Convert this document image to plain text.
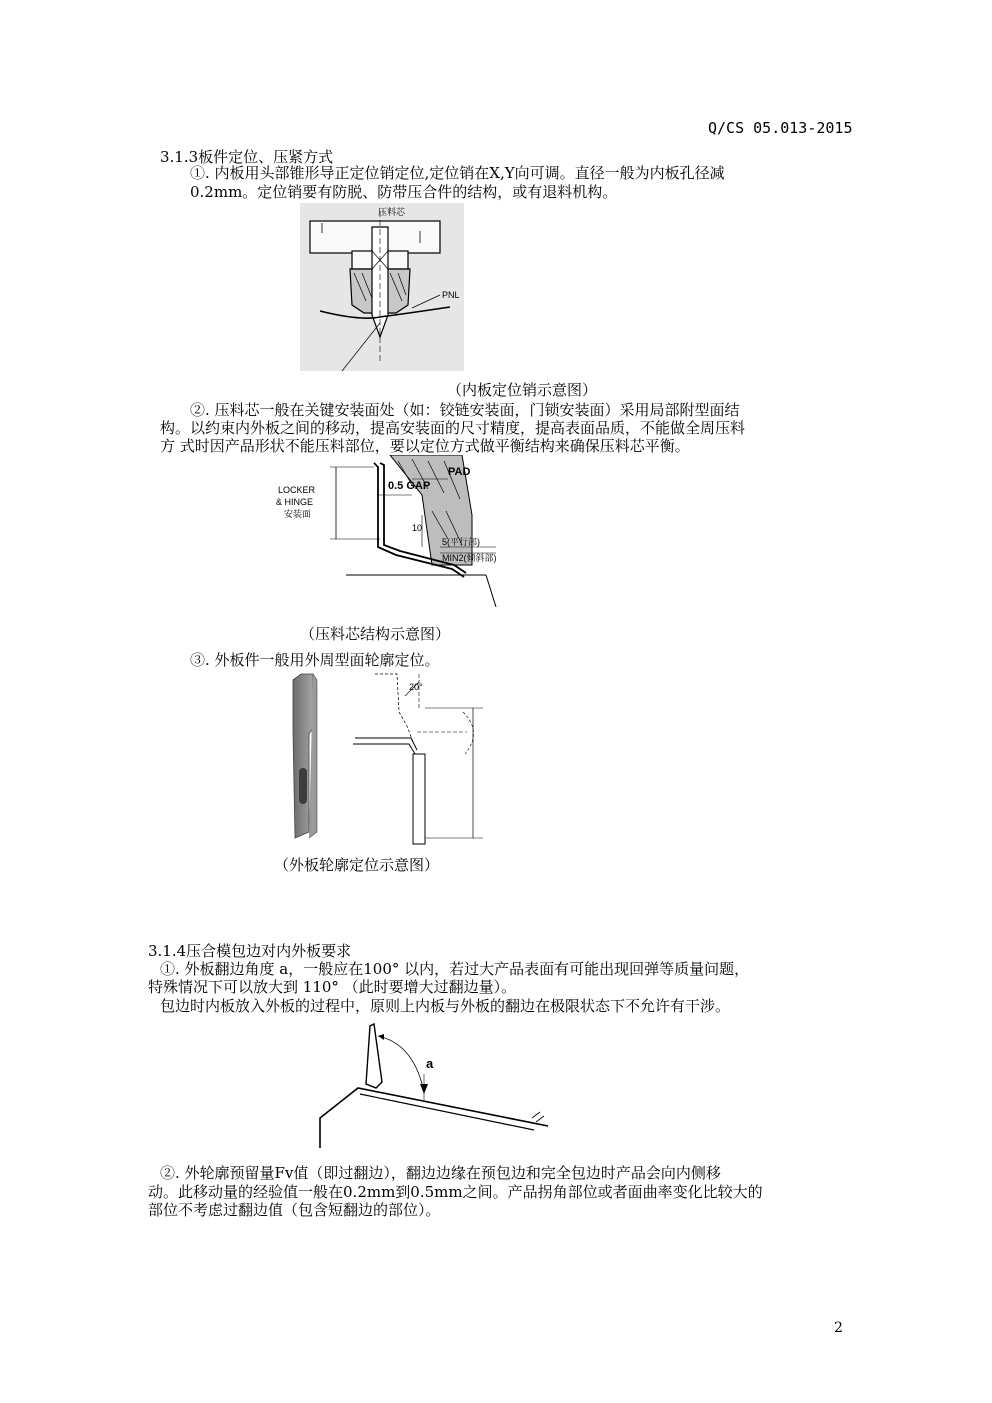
Q/CS 05.013-2015
3.1.3板件定位、压紧方式
①. 内板用头部锥形导正定位销定位,定位销在X,Y向可调。直径一般为内板孔径减
0.2mm。定位销要有防脱、防带压合件的结构，或有退料机构。
压料芯
PNL
（内板定位销示意图）
②. 压料芯一般在关键安装面处（如：铰链安装面，门锁安装面）采用局部附型面结
构。以约束内外板之间的移动，提高安装面的尺寸精度，提高表面品质，不能做全周压料
方 式时因产品形状不能压料部位，要以定位方式做平衡结构来确保压料芯平衡。
LOCKER
& HINGE
安装面
0.5 GAP
PAD
10
5(平行部)
MIN2(倾斜部)
（压料芯结构示意图）
③. 外板件一般用外周型面轮廓定位。
20°
（外板轮廓定位示意图）
3.1.4压合模包边对内外板要求
①. 外板翻边角度 a，一般应在100° 以内，若过大产品表面有可能出现回弹等质量问题，
特殊情况下可以放大到 110° （此时要增大过翻边量）。
包边时内板放入外板的过程中，原则上内板与外板的翻边在极限状态下不允许有干涉。
a
②. 外轮廓预留量Fv值（即过翻边），翻边边缘在预包边和完全包边时产品会向内侧移
动。此移动量的经验值一般在0.2mm到0.5mm之间。产品拐角部位或者面曲率变化比较大的
部位不考虑过翻边值（包含短翻边的部位）。
2
